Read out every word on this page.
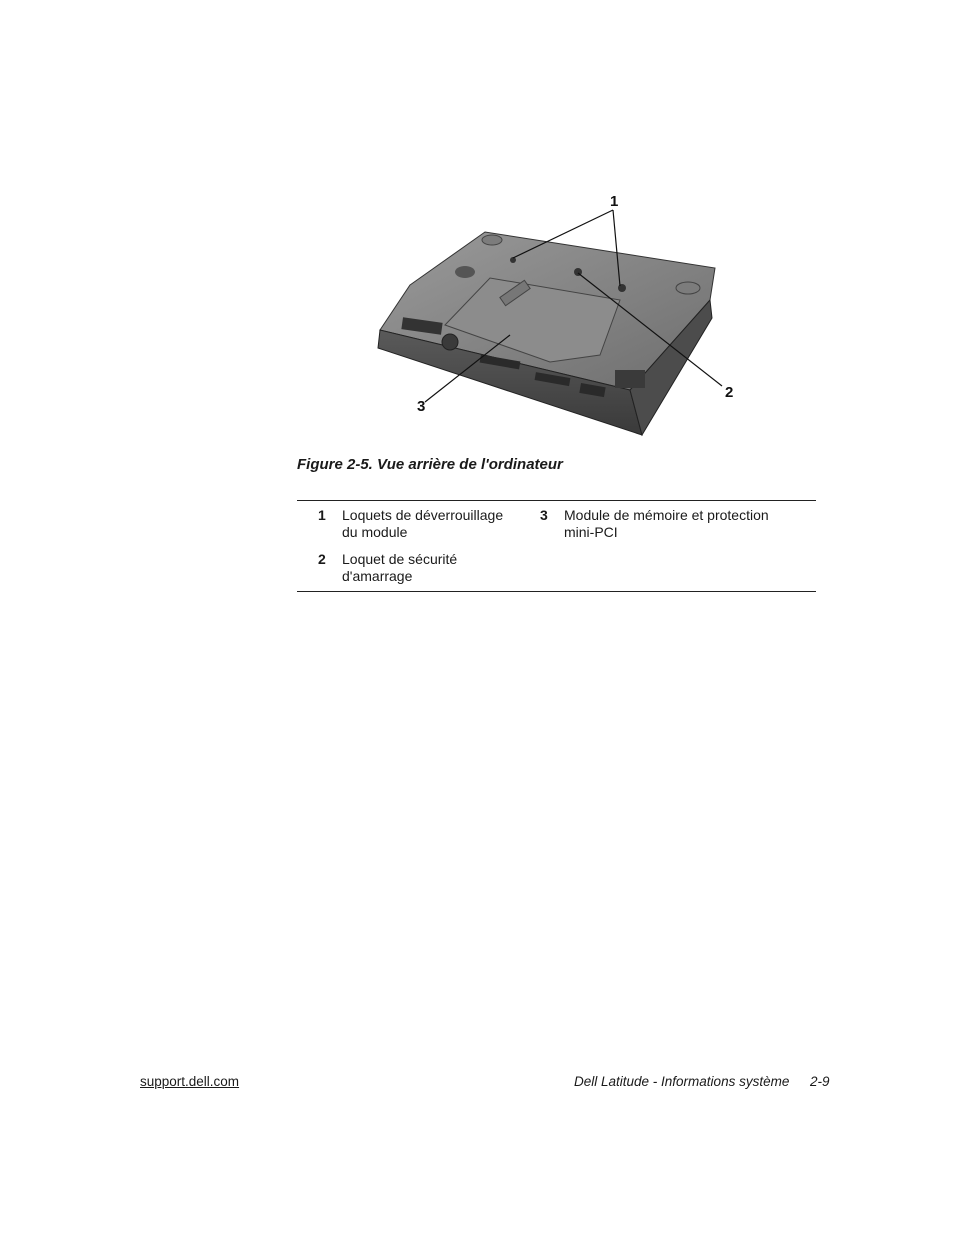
1
2
3
Figure 2-5. Vue arrière de l'ordinateur
1	Loquets de déverrouillage du module
3	Module de mémoire et protection mini-PCI
2	Loquet de sécurité d'amarrage
support.dell.com	Dell Latitude - Informations système 2-9
